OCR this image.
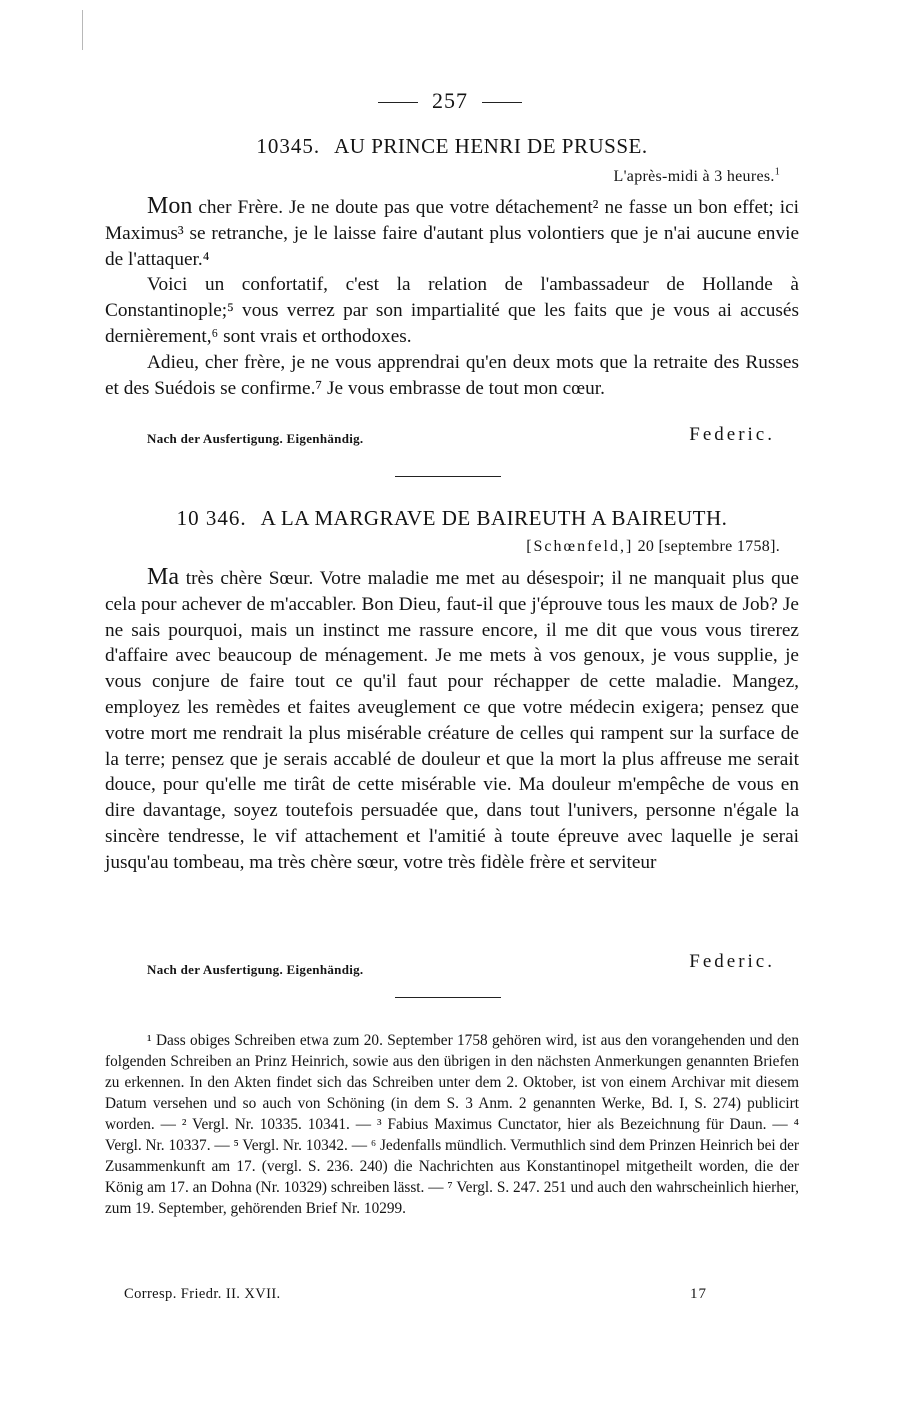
257
10345. AU PRINCE HENRI DE PRUSSE.
L'après-midi à 3 heures.$^1$

Mon cher Frère. Je ne doute pas que votre détachement² ne fasse un bon effet; ici Maximus³ se retranche, je le laisse faire d'autant plus volontiers que je n'ai aucune envie de l'attaquer.⁴

Voici un confortatif, c'est la relation de l'ambassadeur de Hollande à Constantinople;⁵ vous verrez par son impartialité que les faits que je vous ai accusés dernièrement,⁶ sont vrais et orthodoxes.

Adieu, cher frère, je ne vous apprendrai qu'en deux mots que la retraite des Russes et des Suédois se confirme.⁷ Je vous embrasse de tout mon cœur.

Nach der Ausfertigung. Eigenhändig.	Federic.
10 346. A LA MARGRAVE DE BAIREUTH A BAIREUTH.
[Schœnfeld,] 20 [septembre 1758].

Ma très chère Sœur. Votre maladie me met au désespoir; il ne manquait plus que cela pour achever de m'accabler. Bon Dieu, faut-il que j'éprouve tous les maux de Job? Je ne sais pourquoi, mais un instinct me rassure encore, il me dit que vous vous tirerez d'affaire avec beaucoup de ménagement. Je me mets à vos genoux, je vous supplie, je vous conjure de faire tout ce qu'il faut pour réchapper de cette maladie. Mangez, employez les remèdes et faites aveuglement ce que votre médecin exigera; pensez que votre mort me rendrait la plus misérable créature de celles qui rampent sur la surface de la terre; pensez que je serais accablé de douleur et que la mort la plus affreuse me serait douce, pour qu'elle me tirât de cette misérable vie. Ma douleur m'empêche de vous en dire davantage, soyez toutefois persuadée que, dans tout l'univers, personne n'égale la sincère tendresse, le vif attachement et l'amitié à toute épreuve avec laquelle je serai jusqu'au tombeau, ma très chère sœur, votre très fidèle frère et serviteur

Nach der Ausfertigung. Eigenhändig.	Federic.

¹ Dass obiges Schreiben etwa zum 20. September 1758 gehören wird, ist aus den vorangehenden und den folgenden Schreiben an Prinz Heinrich, sowie aus den übrigen in den nächsten Anmerkungen genannten Briefen zu erkennen. In den Akten findet sich das Schreiben unter dem 2. Oktober, ist von einem Archivar mit diesem Datum versehen und so auch von Schöning (in dem S. 3 Anm. 2 genannten Werke, Bd. I, S. 274) publicirt worden. — ² Vergl. Nr. 10335. 10341. — ³ Fabius Maximus Cunctator, hier als Bezeichnung für Daun. — ⁴ Vergl. Nr. 10337. — ⁵ Vergl. Nr. 10342. — ⁶ Jedenfalls mündlich. Vermuthlich sind dem Prinzen Heinrich bei der Zusammenkunft am 17. (vergl. S. 236. 240) die Nachrichten aus Konstantinopel mitgetheilt worden, die der König am 17. an Dohna (Nr. 10329) schreiben lässt. — ⁷ Vergl. S. 247. 251 und auch den wahrscheinlich hierher, zum 19. September, gehörenden Brief Nr. 10299.

Corresp. Friedr. II. XVII.	17
